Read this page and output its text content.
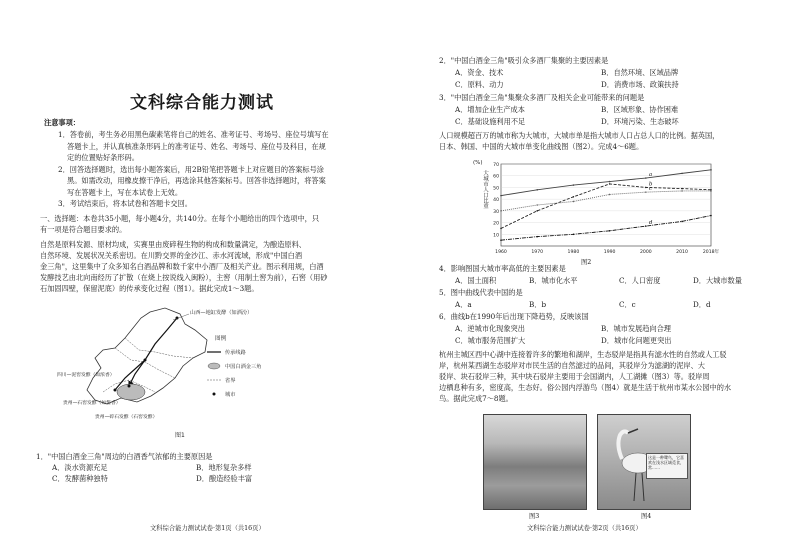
文科综合能力测试
注意事项：
1．答卷前，考生务必用黑色碳素笔将自己的姓名、准考证号、考场号、座位号填写在
答题卡上，并认真核准条形码上的准考证号、姓名、考场号、座位号及科目，在规
定的位置贴好条形码。
2．回答选择题时，选出每小题答案后，用2B铅笔把答题卡上对应题目的答案标号涂
黑。如需改动，用橡皮擦干净后，再选涂其他答案标号。回答非选择题时，将答案
写在答题卡上，写在本试卷上无效。
3．考试结束后，将本试卷和答题卡交回。
一、选择题：本卷共35小题，每小题4分，共140分。在每个小题给出的四个选项中，只
有一项是符合题目要求的。
自然是原料发源、原材均成，实赛里由废碎程生物的构成和数量满定，为酿造原料、
自然环境、发展状况关系密切。在川黔交界的金沙江、赤水河流域，形成"中国白酒
金三角"，这里集中了众多知名白酒品牌和数千家中小酒厂及相关产业。图示利用规，白酒
发酵技艺由北向南经历了扩散（在烧上按说线入闽粉），主窖（用制土窖为前），石窖（用砂
石加固四壁，保留泥底）的传承变化过程（图1）。据此完成1～3题。
山西—地缸发酵（如酒汾）
图例
传承线路
中国白酒金三角
省界
城市
四川—泥窖发酵（如浓香）
贵州—石窖发酵（如酱香）
贵州—碎石发酵（石窖发酵）
图1
1．"中国白酒金三角"周边的白酒香气浓郁的主要原因是
A．淡水资源充足	B．地形复杂多样
C．发酵菌种独特	D．酿造经验丰富
文科综合能力测试试卷·第1页（共16页）
2．"中国白酒金三角"吸引众多酒厂集聚的主要因素是
A．资金、技术	B．自然环境、区域品牌
C．原料、动力	D．消费市场、政策扶持
3．"中国白酒金三角"集聚众多酒厂及相关企业可能带来的问题是
A．增加企业生产成本	B．区域形象、协作困难
C．基础设施利用不足	D．环境污染、生态破坏
人口规模超百万的城市称为大城市，大城市单是指大城市人口占总人口的比例。据英国，
日本、韩国、中国的大城市单变化曲线图（图2）。完成4～6题。
(%)
大城市人口比重
10
20
30
40
50
60
70
1960	1970	1980	1990	2000	2010	2018年
a
b
c
d
图2
4．影响图国大城市率高低的主要因素是
A．国土面积	B．城市化水平	C．人口密度	D．大城市数量
5．图中曲线代表中国的是
A．a	B．b	C．c	D．d
6．曲线b在1990年后出现下降趋势，反映该国
A．逆城市化现象突出	B．城市发展趋向合理
C．城市服务范围扩大	D．城市化问题更突出
杭州主城区西中心湖中连接着许多的繁地和湖岸，生态驳岸是指具有滤水性的自然或人工驳
岸，杭州某西湖生态驳岸对市民生活的自然滤过的品间，其驳岸分为滤湖的泥岸、大
驳岸、块石驳岸三种，其中块石驳岸主要用于会国湖内，人工湖摊（图3）等。驳岸周
边栖息种有多，密度高，生态好。俗公园内浮游鸟（图4）就是生活于杭州市某水公园中的水
鸟。据此完成7～8题。
图3
这是一种鹭鸟，它喜欢在浅水区域觅食，常……
图4
文科综合能力测试试卷·第2页（共16页）
